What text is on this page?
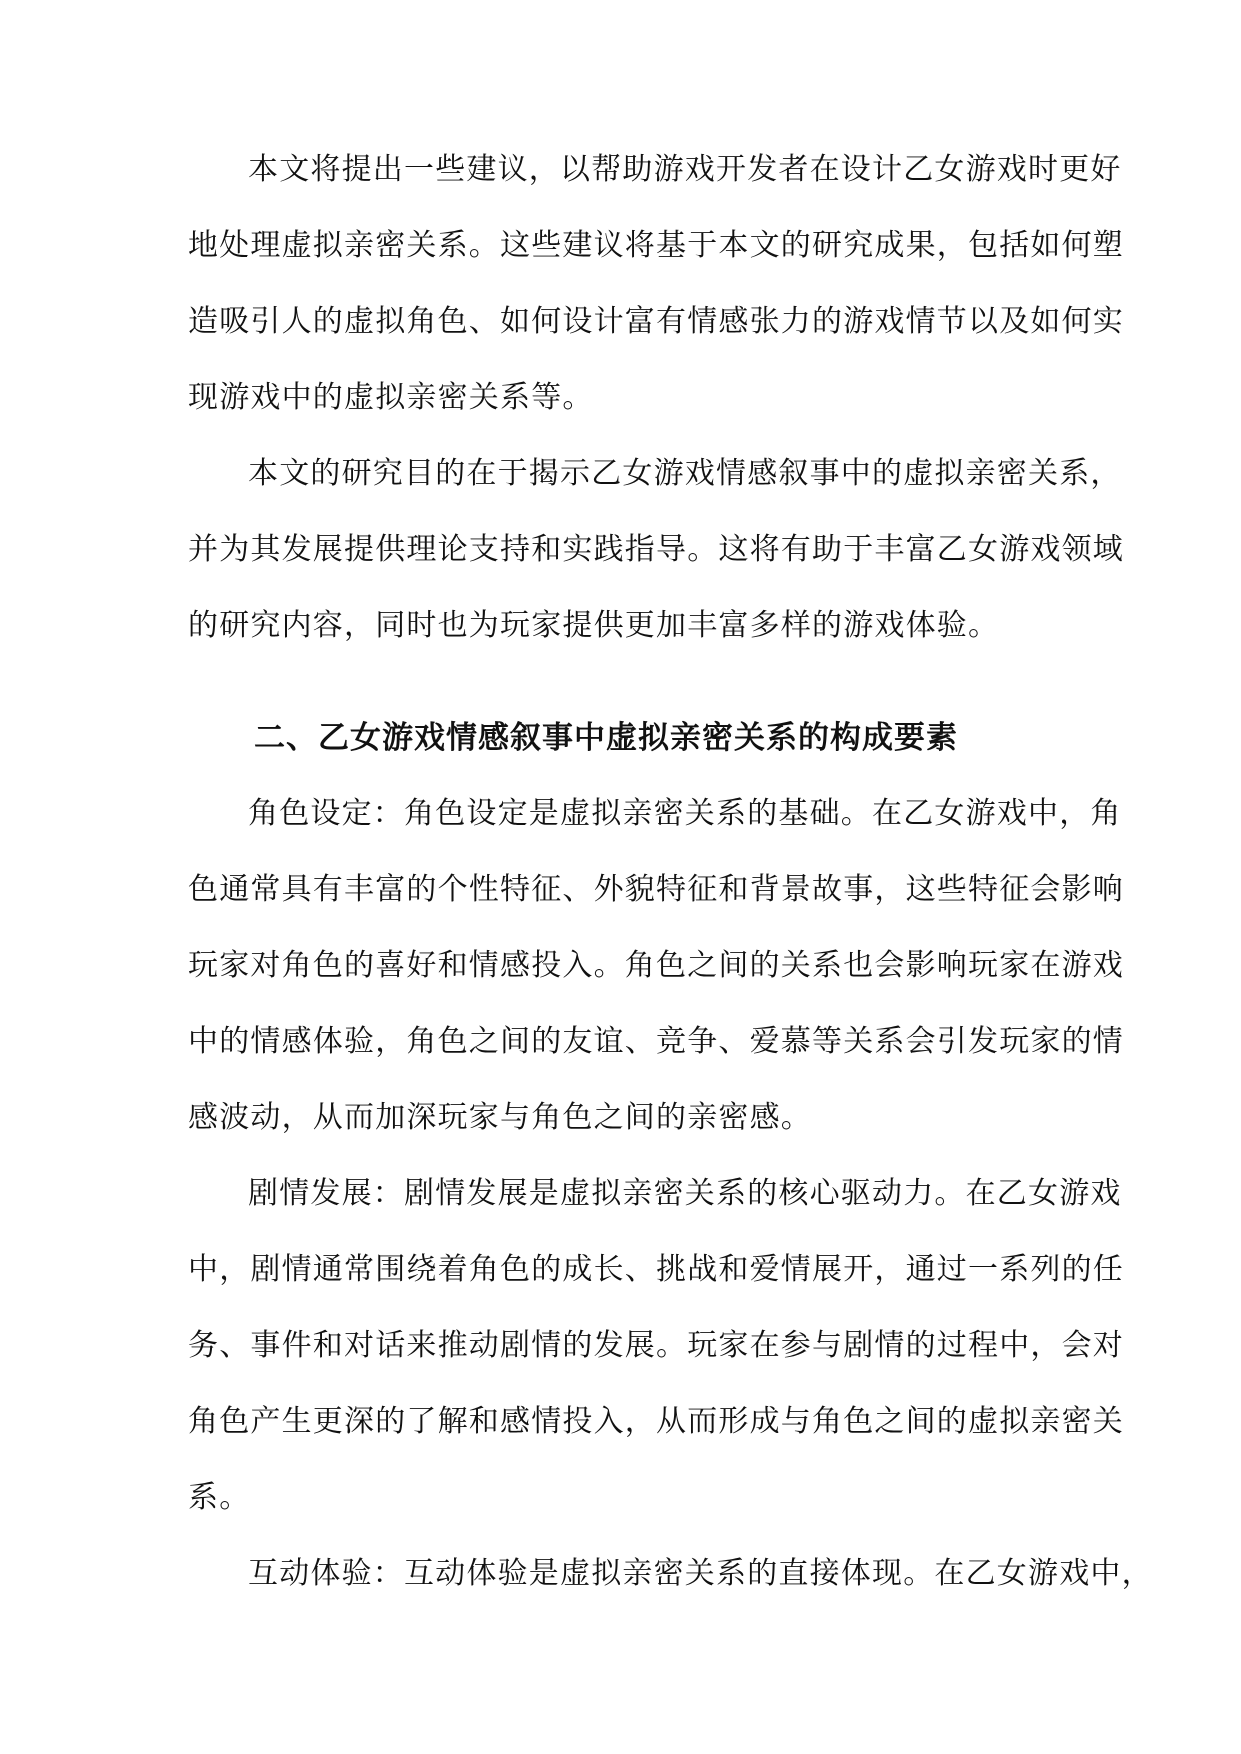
本文将提出一些建议，以帮助游戏开发者在设计乙女游戏时更好
地处理虚拟亲密关系。这些建议将基于本文的研究成果，包括如何塑
造吸引人的虚拟角色、如何设计富有情感张力的游戏情节以及如何实
现游戏中的虚拟亲密关系等。
本文的研究目的在于揭示乙女游戏情感叙事中的虚拟亲密关系，
并为其发展提供理论支持和实践指导。这将有助于丰富乙女游戏领域
的研究内容，同时也为玩家提供更加丰富多样的游戏体验。
二、乙女游戏情感叙事中虚拟亲密关系的构成要素
角色设定：角色设定是虚拟亲密关系的基础。在乙女游戏中，角
色通常具有丰富的个性特征、外貌特征和背景故事，这些特征会影响
玩家对角色的喜好和情感投入。角色之间的关系也会影响玩家在游戏
中的情感体验，角色之间的友谊、竞争、爱慕等关系会引发玩家的情
感波动，从而加深玩家与角色之间的亲密感。
剧情发展：剧情发展是虚拟亲密关系的核心驱动力。在乙女游戏
中，剧情通常围绕着角色的成长、挑战和爱情展开，通过一系列的任
务、事件和对话来推动剧情的发展。玩家在参与剧情的过程中，会对
角色产生更深的了解和感情投入，从而形成与角色之间的虚拟亲密关
系。
互动体验：互动体验是虚拟亲密关系的直接体现。在乙女游戏中，
